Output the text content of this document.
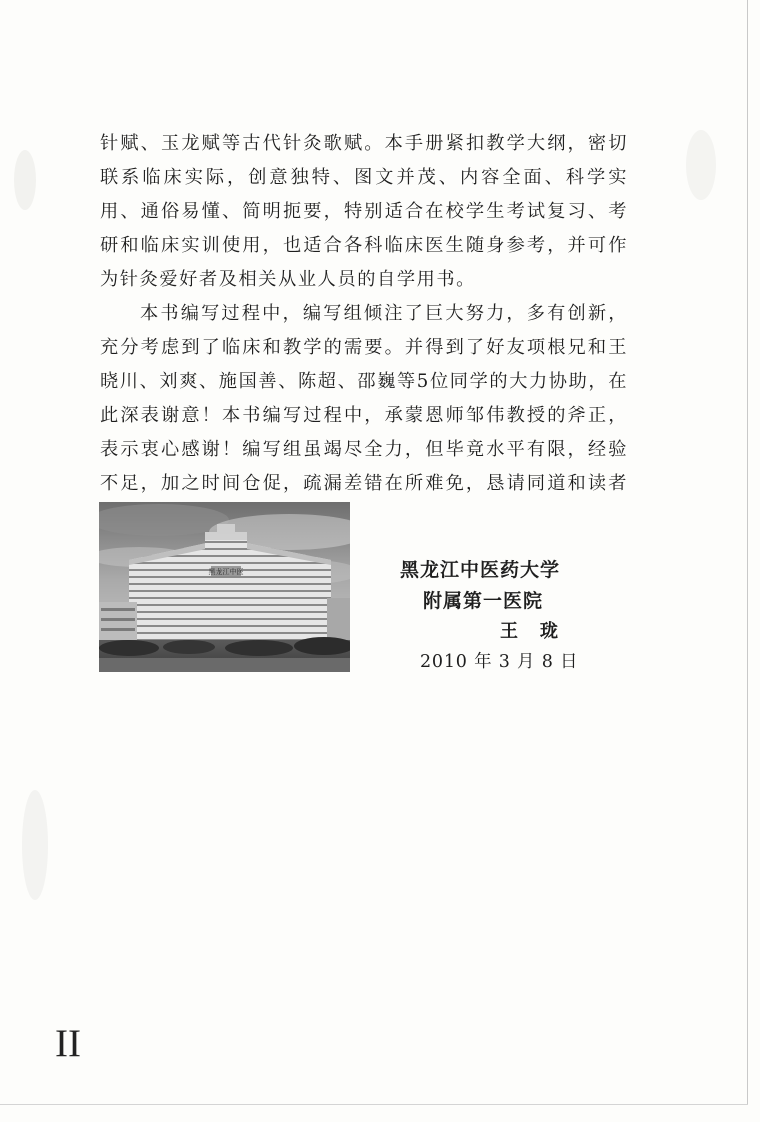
针赋、玉龙赋等古代针灸歌赋。本手册紧扣教学大纲，密切联系临床实际，创意独特、图文并茂、内容全面、科学实用、通俗易懂、简明扼要，特别适合在校学生考试复习、考研和临床实训使用，也适合各科临床医生随身参考，并可作为针灸爱好者及相关从业人员的自学用书。

本书编写过程中，编写组倾注了巨大努力，多有创新，充分考虑到了临床和教学的需要。并得到了好友项根兄和王晓川、刘爽、施国善、陈超、邵巍等5位同学的大力协助，在此深表谢意！本书编写过程中，承蒙恩师邹伟教授的斧正，表示衷心感谢！编写组虽竭尽全力，但毕竟水平有限，经验不足，加之时间仓促，疏漏差错在所难免，恳请同道和读者

黑龙江中医	黑龙江中医药大学
附属第一医院
王珑
2010 年 3 月 8 日
II
